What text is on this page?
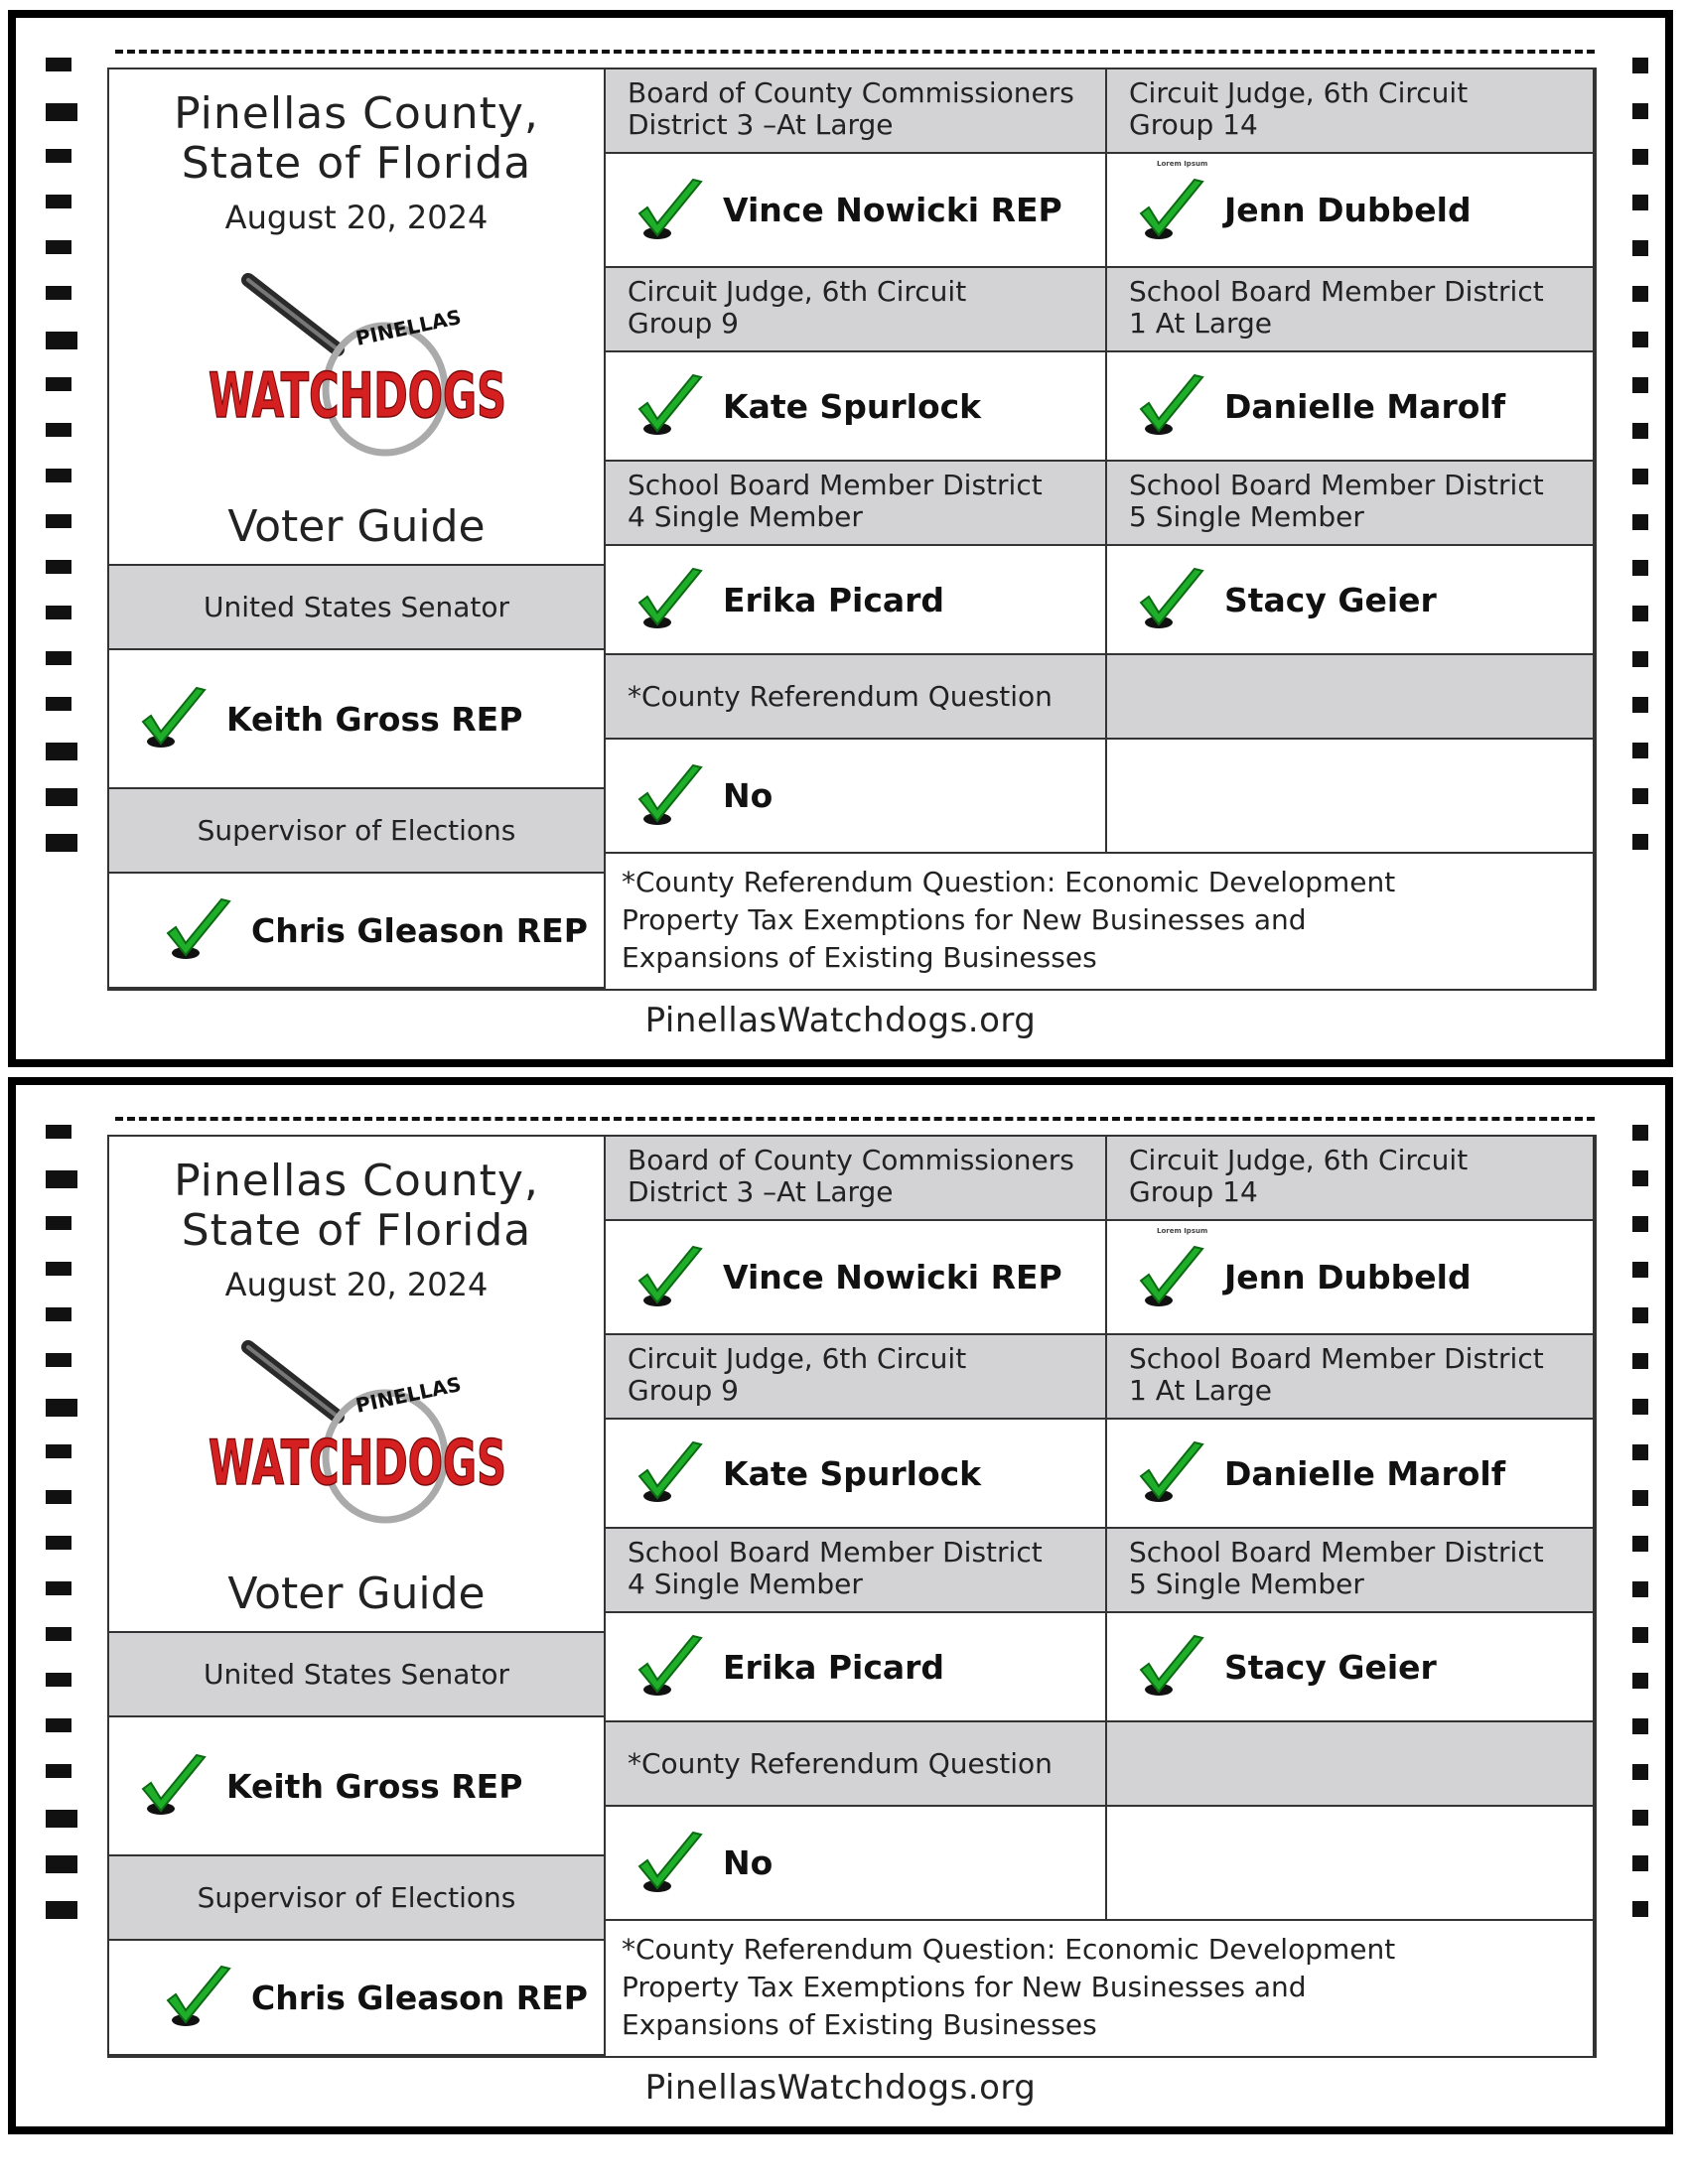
Pinellas County,
State of Florida
August 20, 2024
PINELLAS
WATCHDOGS
Voter Guide
United States Senator
Keith Gross REP
Supervisor of Elections
Chris Gleason REP
Board of County Commissioners
District 3 –At Large
Vince Nowicki REP
Circuit Judge, 6th Circuit
Group 9
Kate Spurlock
School Board Member District
4 Single Member
Erika Picard
*County Referendum Question
No
Circuit Judge, 6th Circuit
Group 14
Lorem Ipsum
Jenn Dubbeld
School Board Member District
1 At Large
Danielle Marolf
School Board Member District
5 Single Member
Stacy Geier
*County Referendum Question: Economic Development
Property Tax Exemptions for New Businesses and
Expansions of Existing Businesses
PinellasWatchdogs.org
Pinellas County,
State of Florida
August 20, 2024
PINELLAS
WATCHDOGS
Voter Guide
United States Senator
Keith Gross REP
Supervisor of Elections
Chris Gleason REP
Board of County Commissioners
District 3 –At Large
Vince Nowicki REP
Circuit Judge, 6th Circuit
Group 9
Kate Spurlock
School Board Member District
4 Single Member
Erika Picard
*County Referendum Question
No
Circuit Judge, 6th Circuit
Group 14
Lorem Ipsum
Jenn Dubbeld
School Board Member District
1 At Large
Danielle Marolf
School Board Member District
5 Single Member
Stacy Geier
*County Referendum Question: Economic Development
Property Tax Exemptions for New Businesses and
Expansions of Existing Businesses
PinellasWatchdogs.org
